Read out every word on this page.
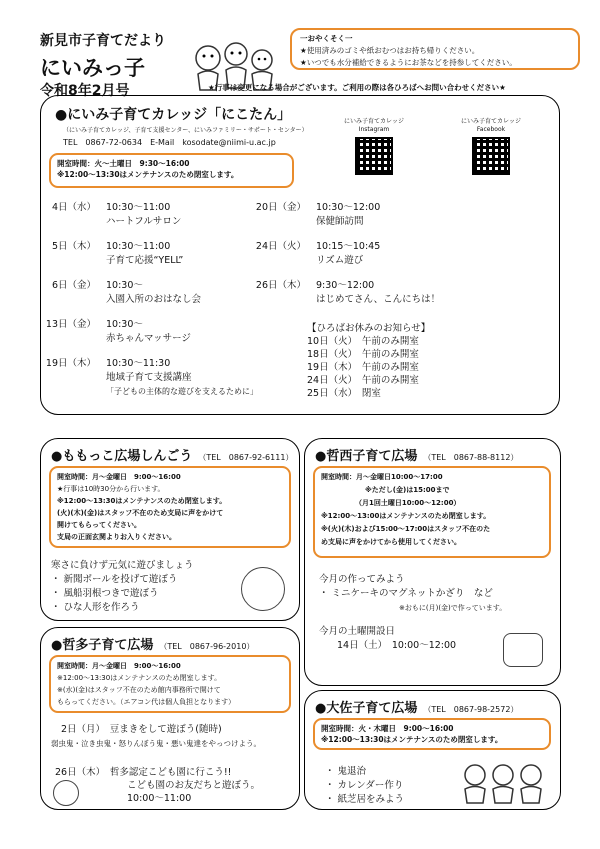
新見市子育てだより
にいみっ子
令和8年2月号
一おやくそく一
★使用済みのゴミや紙おむつはお持ち帰りください。
★いつでも水分補給できるようにお茶などを持参してください。
★行事は変更になる場合がございます。ご利用の際は各ひろばへお問い合わせください★
●にいみ子育てカレッジ「にこたん」
（にいみ子育てカレッジ、子育て支援センター、にいみファミリー・サポート・センター）
TEL　0867-72-0634　E-Mail　kosodate@niimi-u.ac.jp
開室時間：火～土曜日　9:30～16:00
※12:00～13:30はメンテナンスのため閉室します。
にいみ子育てカレッジ
Instagram
にいみ子育てカレッジ
Facebook
4日（水） 10:30～11:00
ハートフルサロン
5日（木） 10:30～11:00
子育て応援“YELL”
6日（金） 10:30～
入園入所のおはなし会
13日（金） 10:30～
赤ちゃんマッサージ
19日（木） 10:30～11:30
地域子育て支援講座
「子どもの主体的な遊びを支えるために」
20日（金） 10:30～12:00
保健師訪問
24日（火） 10:15～10:45
リズム遊び
26日（木） 9:30～12:00
はじめてさん、こんにちは！
【ひろばお休みのお知らせ】
10日（火）　午前のみ開室
18日（火）　午前のみ開室
19日（木）　午前のみ開室
24日（火）　午前のみ開室
25日（水）　閉室
●ももっこ広場しんごう （TEL　0867-92-6111）
開室時間：月～金曜日　9:00～16:00
★行事は10時30分から行います。
※12:00～13:30はメンテナンスのため閉室します。
(火)(木)(金)はスタッフ不在のため支局に声をかけて
開けてもらってください。
支局の正面玄関よりお入りください。
寒さに負けず元気に遊びましょう
・ 新聞ボールを投げて遊ぼう
・ 風船羽根つきで遊ぼう
・ ひな人形を作ろう
●哲西子育て広場 （TEL　0867-88-8112）
開室時間：月～金曜日10:00～17:00
※ただし(金)は15:00まで
（月1回土曜日10:00～12:00）
※12:00～13:00はメンテナンスのため閉室します。
※(火)(木)および15:00～17:00はスタッフ不在のた
め支局に声をかけてから使用してください。
今月の作ってみよう
・ ミニケーキのマグネットかざり　など
※おもに(月)(金)で作っています。
今月の土曜開設日
14日（土）　10:00～12:00
●哲多子育て広場 （TEL　0867-96-2010）
開室時間：月～金曜日　9:00～16:00
※12:00～13:30はメンテナンスのため閉室します。
※(水)(金)はスタッフ不在のため館内事務所で開けて
もらってください。（エアコン代は個人負担となります）
2日（月）　豆まきをして遊ぼう(随時)
弱虫鬼・泣き虫鬼・怒りんぼう鬼・悪い鬼達をやっつけよう。
26日（木）　哲多認定こども園に行こう!!
こども園のお友だちと遊ぼう。
10:00～11:00
●大佐子育て広場 （TEL　0867-98-2572）
開室時間：火・木曜日　9:00～16:00
※12:00～13:30はメンテナンスのため閉室します。
・ 鬼退治
・ カレンダー作り
・ 紙芝居をみよう
